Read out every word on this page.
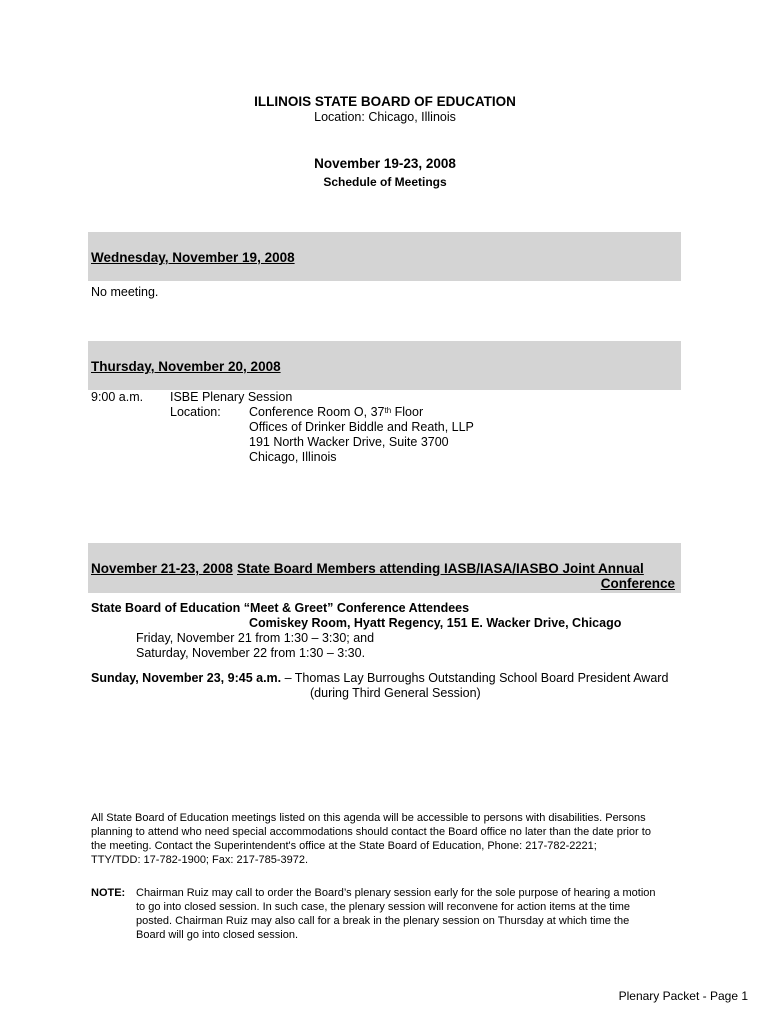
ILLINOIS STATE BOARD OF EDUCATION
Location: Chicago, Illinois
November 19-23, 2008
Schedule of Meetings
Wednesday, November 19, 2008
No meeting.
Thursday, November 20, 2008
9:00 a.m. ISBE Plenary Session
Location: Conference Room O, 37th Floor
Offices of Drinker Biddle and Reath, LLP
191 North Wacker Drive, Suite 3700
Chicago, Illinois
November 21-23, 2008 State Board Members attending IASB/IASA/IASBO Joint Annual
Conference
State Board of Education “Meet & Greet” Conference Attendees
Comiskey Room, Hyatt Regency, 151 E. Wacker Drive, Chicago
Friday, November 21 from 1:30 – 3:30; and
Saturday, November 22 from 1:30 – 3:30.
Sunday, November 23, 9:45 a.m. – Thomas Lay Burroughs Outstanding School Board President Award
(during Third General Session)
All State Board of Education meetings listed on this agenda will be accessible to persons with disabilities. Persons
planning to attend who need special accommodations should contact the Board office no later than the date prior to
the meeting. Contact the Superintendent's office at the State Board of Education, Phone: 217-782-2221;
TTY/TDD: 17-782-1900; Fax: 217-785-3972.
NOTE: Chairman Ruiz may call to order the Board’s plenary session early for the sole purpose of hearing a motion
to go into closed session. In such case, the plenary session will reconvene for action items at the time
posted. Chairman Ruiz may also call for a break in the plenary session on Thursday at which time the
Board will go into closed session.
Plenary Packet - Page 1
